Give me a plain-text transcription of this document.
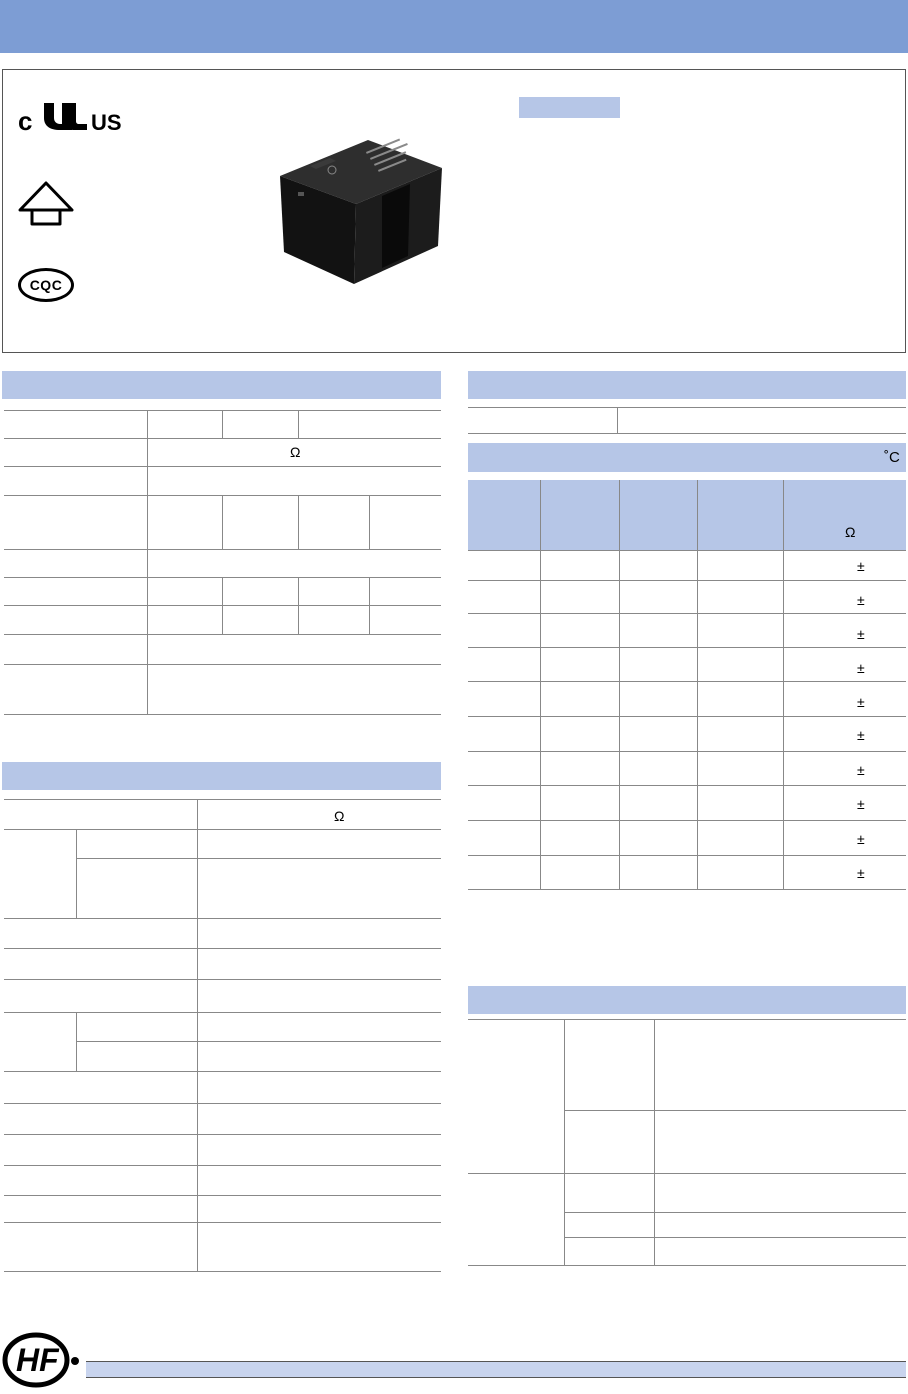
c	US
CQC
Ω
Ω
˚C
Ω
±
±
±
±
±
±
±
±
±
±
HF
